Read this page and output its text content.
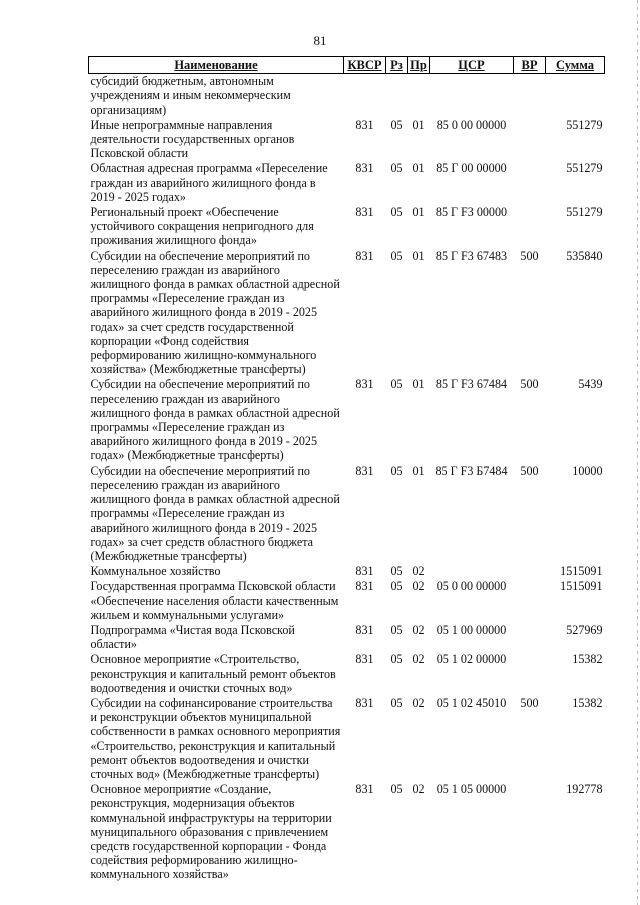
81
Наименование	КВСР	Рз	Пр	ЦСР	ВР	Сумма
субсидий бюджетным, автономным учреждениям и иным некоммерческим организациям)						
Иные непрограммные направления деятельности государственных органов Псковской области	831	05	01	85 0 00 00000		551279
Областная адресная программа «Переселение граждан из аварийного жилищного фонда в 2019 - 2025 годах»	831	05	01	85 Г 00 00000		551279
Региональный проект «Обеспечение устойчивого сокращения непригодного для проживания жилищного фонда»	831	05	01	85 Г F3 00000		551279
Субсидии на обеспечение мероприятий по переселению граждан из аварийного жилищного фонда в рамках областной адресной программы «Переселение граждан из аварийного жилищного фонда в 2019 - 2025 годах» за счет средств государственной корпорации «Фонд содействия реформированию жилищно-коммунального хозяйства» (Межбюджетные трансферты)	831	05	01	85 Г F3 67483	500	535840
Субсидии на обеспечение мероприятий по переселению граждан из аварийного жилищного фонда в рамках областной адресной программы «Переселение граждан из аварийного жилищного фонда в 2019 - 2025 годах» (Межбюджетные трансферты)	831	05	01	85 Г F3 67484	500	5439
Субсидии на обеспечение мероприятий по переселению граждан из аварийного жилищного фонда в рамках областной адресной программы «Переселение граждан из аварийного жилищного фонда в 2019 - 2025 годах» за счет средств областного бюджета (Межбюджетные трансферты)	831	05	01	85 Г F3 Б7484	500	10000
Коммунальное хозяйство	831	05	02			1515091
Государственная программа Псковской области «Обеспечение населения области качественным жильем и коммунальными услугами»	831	05	02	05 0 00 00000		1515091
Подпрограмма «Чистая вода Псковской области»	831	05	02	05 1 00 00000		527969
Основное мероприятие «Строительство, реконструкция и капитальный ремонт объектов водоотведения и очистки сточных вод»	831	05	02	05 1 02 00000		15382
Субсидии на софинансирование строительства и реконструкции объектов муниципальной собственности в рамках основного мероприятия «Строительство, реконструкция и капитальный ремонт объектов водоотведения и очистки сточных вод» (Межбюджетные трансферты)	831	05	02	05 1 02 45010	500	15382
Основное мероприятие «Создание, реконструкция, модернизация объектов коммунальной инфраструктуры на территории муниципального образования с привлечением средств государственной корпорации - Фонда содействия реформированию жилищно-коммунального хозяйства»	831	05	02	05 1 05 00000		192778
